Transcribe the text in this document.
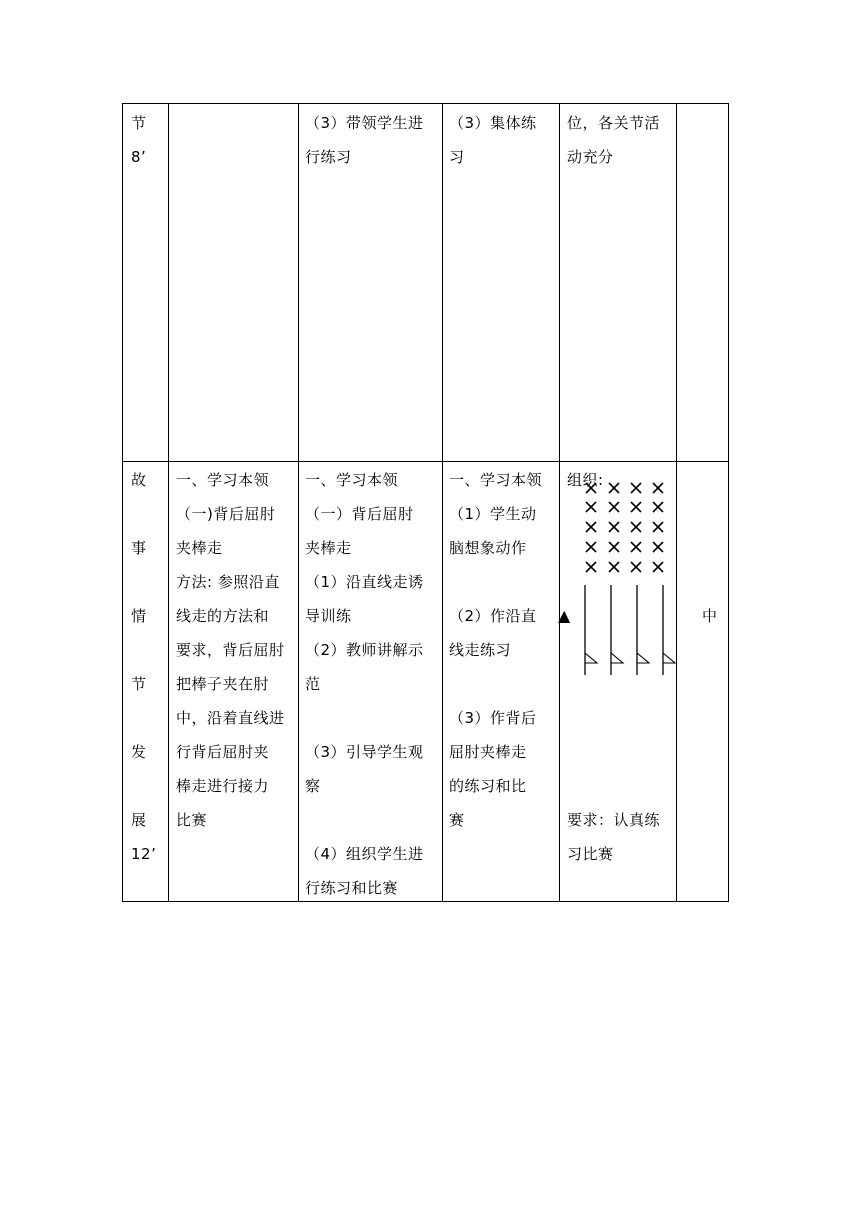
节
8’
（3）带领学生进
行练习
（3）集体练
习
位，各关节活
动充分
故
事
情
节
发
展
12’
一、学习本领
（一)背后屈肘
夹棒走
方法: 参照沿直
线走的方法和
要求，背后屈肘
把棒子夹在肘
中，沿着直线进
行背后屈肘夹
棒走进行接力
比赛
一、学习本领
（一）背后屈肘
夹棒走
（1）沿直线走诱
导训练
（2）教师讲解示
范
（3）引导学生观
察
（4）组织学生进
行练习和比赛
一、学习本领
（1）学生动
脑想象动作
（2）作沿直
线走练习
（3）作背后
屈肘夹棒走
的练习和比
赛
组织:
▲
要求：认真练
习比赛
中
